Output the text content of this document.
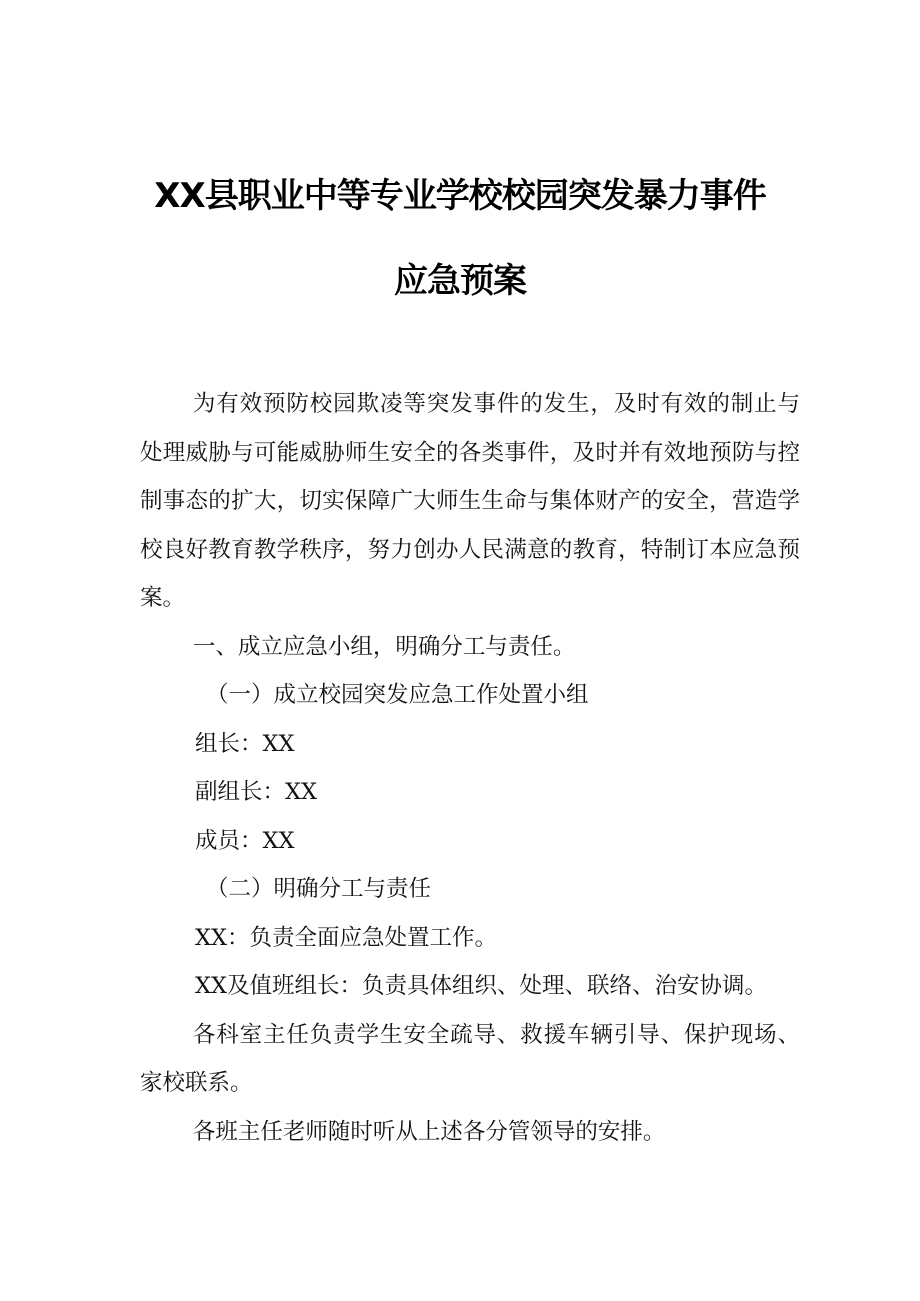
XX县职业中等专业学校校园突发暴力事件
应急预案

为有效预防校园欺凌等突发事件的发生，及时有效的制止与处理威胁与可能威胁师生安全的各类事件，及时并有效地预防与控制事态的扩大，切实保障广大师生生命与集体财产的安全，营造学校良好教育教学秩序，努力创办人民满意的教育，特制订本应急预案。

一、成立应急小组，明确分工与责任。

（一）成立校园突发应急工作处置小组

组长：XX

副组长：XX

成员：XX

（二）明确分工与责任

XX：负责全面应急处置工作。

XX及值班组长：负责具体组织、处理、联络、治安协调。

各科室主任负责学生安全疏导、救援车辆引导、保护现场、家校联系。

各班主任老师随时听从上述各分管领导的安排。
